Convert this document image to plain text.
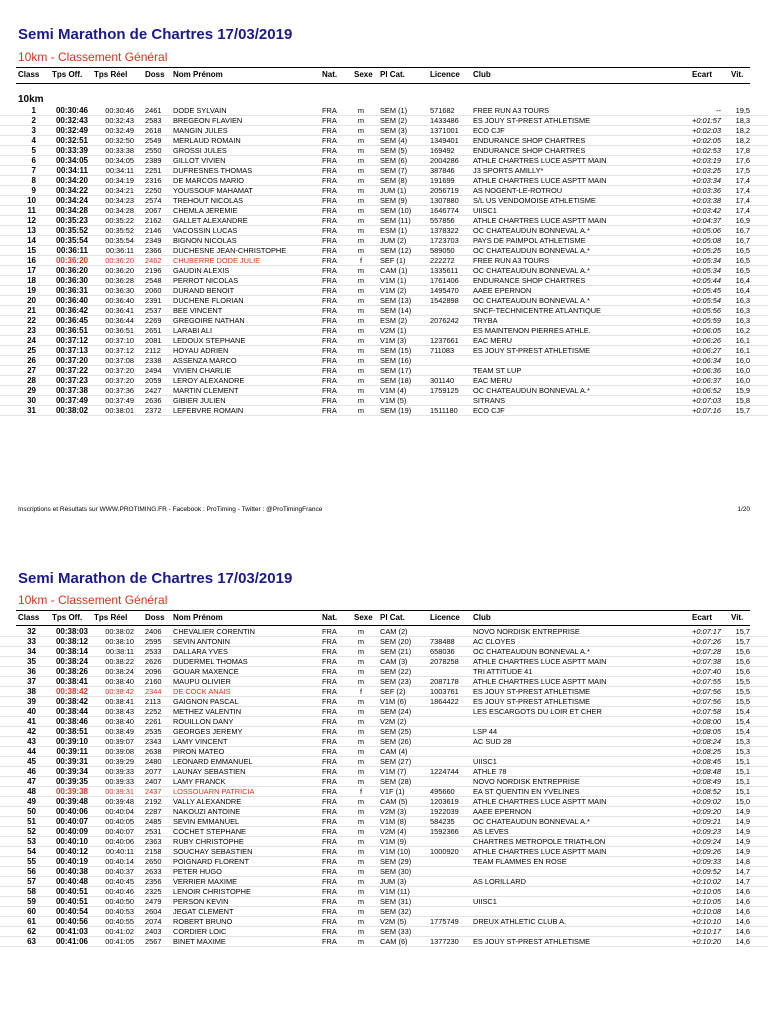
Semi Marathon de Chartres 17/03/2019
10km - Classement Général
Class Tps Off.	Tps Réel	Doss Nom Prénom	Nat. Sexe Pl Cat.	Licence Club	Ecart	Vit.
10km
1	00:30:46	00:30:46 2461	DODE SYLVAIN	FRA	m	SEM (1)	571682 FREE RUN A3 TOURS	--	19,5
2	00:32:43	00:32:43 2583	BREGEON FLAVIEN	FRA	m	SEM (2)	1433486 ES JOUY ST-PREST ATHLETISME	+0:01:57	18,3
3	00:32:49	00:32:49 2618	MANGIN JULES	FRA	m	SEM (3)	1371001 ECO CJF	+0:02:03	18,2
4	00:32:51	00:32:50 2549	MERLAUD ROMAIN	FRA	m	SEM (4)	1349401 ENDURANCE SHOP CHARTRES	+0:02:05	18,2
5	00:33:39	00:33:38 2550	GROSSI JULES	FRA	m	SEM (5)	169492 ENDURANCE SHOP CHARTRES	+0:02:53	17,8
6	00:34:05	00:34:05 2389	GILLOT VIVIEN	FRA	m	SEM (6)	2004286 ATHLE CHARTRES LUCE ASPTT MAIN	+0:03:19	17,6
7	00:34:11	00:34:11 2251	DUFRESNES THOMAS	FRA	m	SEM (7)	387846 J3 SPORTS AMILLY*	+0:03:25	17,5
8	00:34:20	00:34:19 2316	DE MARCOS MARIO	FRA	m	SEM (8)	191699 ATHLE CHARTRES LUCE ASPTT MAIN	+0:03:34	17,4
9	00:34:22	00:34:21 2250	YOUSSOUF MAHAMAT	FRA	m	JUM (1)	2056719 AS NOGENT-LE-ROTROU	+0:03:36	17,4
10	00:34:24	00:34:23 2574	TREHOUT NICOLAS	FRA	m	SEM (9)	1307880 S/L US VENDOMOISE ATHLETISME	+0:03:38	17,4
11	00:34:28	00:34:28 2067	CHEMLA JEREMIE	FRA	m	SEM (10)	1646774 UIISC1	+0:03:42	17,4
12	00:35:23	00:35:22 2162	GALLET ALEXANDRE	FRA	m	SEM (11)	557856 ATHLE CHARTRES LUCE ASPTT MAIN	+0:04:37	16,9
13	00:35:52	00:35:52 2146	VACOSSIN LUCAS	FRA	m	ESM (1)	1378322 OC CHATEAUDUN BONNEVAL A.*	+0:05:06	16,7
14	00:35:54	00:35:54 2349	BIGNON NICOLAS	FRA	m	JUM (2)	1723703 PAYS DE PAIMPOL ATHLETISME	+0:05:08	16,7
15	00:36:11	00:36:11 2366	DUCHESNE JEAN-CHRISTOPHE	FRA	m	SEM (12)	589050 OC CHATEAUDUN BONNEVAL A.*	+0:05:25	16,5
16	00:36:20	00:36:20 2462	CHUBERRE DODE JULIE	FRA	f	SEF (1)	222272 FREE RUN A3 TOURS	+0:05:34	16,5
17	00:36:20	00:36:20 2196	GAUDIN ALEXIS	FRA	m	CAM (1)	1335611 OC CHATEAUDUN BONNEVAL A.*	+0:05:34	16,5
18	00:36:30	00:36:28 2548	PERROT NICOLAS	FRA	m	V1M (1)	1761406 ENDURANCE SHOP CHARTRES	+0:05:44	16,4
19	00:36:31	00:36:30 2060	DURAND BENOIT	FRA	m	V1M (2)	1495470 AAEE EPERNON	+0:05:45	16,4
20	00:36:40	00:36:40 2391	DUCHENE FLORIAN	FRA	m	SEM (13)	1542898 OC CHATEAUDUN BONNEVAL A.*	+0:05:54	16,3
21	00:36:42	00:36:41 2537	BEE VINCENT	FRA	m	SEM (14)	SNCF-TECHNICENTRE ATLANTIQUE	+0:05:56	16,3
22	00:36:45	00:36:44 2269	GREGOIRE NATHAN	FRA	m	ESM (2)	2076242 TRYBA	+0:05:59	16,3
23	00:36:51	00:36:51 2651	LARABI ALI	FRA	m	V2M (1)	ES MAINTENON PIERRES ATHLE.	+0:06:05	16,2
24	00:37:12	00:37:10 2081	LEDOUX STEPHANE	FRA	m	V1M (3)	1237661 EAC MERU	+0:06:26	16,1
25	00:37:13	00:37:12 2112	HOYAU ADRIEN	FRA	m	SEM (15)	711083	ES JOUY ST-PREST ATHLETISME	+0:06:27	16,1
26	00:37:20	00:37:08 2338	ASSENZA MARCO	FRA	m	SEM (16)	+0:06:34	16,0
27	00:37:22	00:37:20 2494	VIVIEN CHARLIE	FRA	m	SEM (17)	TEAM ST LUP	+0:06:36	16,0
28	00:37:23	00:37:20 2059	LEROY ALEXANDRE	FRA	m	SEM (18)	301140	EAC MERU	+0:06:37	16,0
29	00:37:38	00:37:36 2427	MARTIN CLEMENT	FRA	m	V1M (4)	1759125 OC CHATEAUDUN BONNEVAL A.*	+0:06:52	15,9
30	00:37:49	00:37:49 2636	GIBIER JULIEN	FRA	m	V1M (5)	SITRANS	+0:07:03	15,8
31	00:38:02	00:38:01 2372	LEFEBVRE ROMAIN	FRA	m	SEM (19)	1511180 ECO CJF	+0:07:16	15,7
Inscriptions et Résultats sur WWW.PROTIMING.FR - Facebook : ProTiming - Twitter : @ProTimingFrance	1/20
Semi Marathon de Chartres 17/03/2019
10km - Classement Général
Class Tps Off.	Tps Réel	Doss Nom Prénom	Nat. Sexe Pl Cat.	Licence Club	Ecart	Vit.
32	00:38:03	00:38:02 2406	CHEVALIER CORENTIN	FRA	m	CAM (2)	NOVO NORDISK ENTREPRISE	+0:07:17	15,7
33	00:38:12	00:38:10 2595	SEVIN ANTONIN	FRA	m	SEM (20)	738488 AC CLOYES	+0:07:26	15,7
34	00:38:14	00:38:11 2533	DALLARA YVES	FRA	m	SEM (21)	658036 OC CHATEAUDUN BONNEVAL A.*	+0:07:28	15,6
35	00:38:24	00:38:22 2626	DUDERMEL THOMAS	FRA	m	CAM (3)	2078258 ATHLE CHARTRES LUCE ASPTT MAIN	+0:07:38	15,6
36	00:38:26	00:38:24 2096	GOUAR MAXENCE	FRA	m	SEM (22)	TRI ATTITUDE 41	+0:07:40	15,6
37	00:38:41	00:38:40 2160	MAUPU OLIVIER	FRA	m	SEM (23)	2087178 ATHLE CHARTRES LUCE ASPTT MAIN	+0:07:55	15,5
38	00:38:42	00:38:42 2344	DE COCK ANAIS	FRA	f	SEF (2)	1003761 ES JOUY ST-PREST ATHLETISME	+0:07:56	15,5
39	00:38:42	00:38:41 2113	GAIGNON PASCAL	FRA	m	V1M (6)	1864422 ES JOUY ST-PREST ATHLETISME	+0:07:56	15,5
40	00:38:44	00:38:43 2252	METHEZ VALENTIN	FRA	m	SEM (24)	LES ESCARGOTS DU LOIR ET CHER	+0:07:58	15,4
41	00:38:46	00:38:40 2261	ROUILLON DANY	FRA	m	V2M (2)	+0:08:00	15,4
42	00:38:51	00:38:49 2535	GEORGES JEREMY	FRA	m	SEM (25)	LSP 44	+0:08:05	15,4
43	00:39:10	00:39:07 2343	LAMY VINCENT	FRA	m	SEM (26)	AC SUD 28	+0:08:24	15,3
44	00:39:11	00:39:08 2638	PIRON MATEO	FRA	m	CAM (4)	+0:08:25	15,3
45	00:39:31	00:39:29 2480	LEONARD EMMANUEL	FRA	m	SEM (27)	UIISC1	+0:08:45	15,1
46	00:39:34	00:39:33 2077	LAUNAY SEBASTIEN	FRA	m	V1M (7)	1224744 ATHLE 78	+0:08:48	15,1
47	00:39:35	00:39:33 2407	LAMY FRANCK	FRA	m	SEM (28)	NOVO NORDISK ENTREPRISE	+0:08:49	15,1
48	00:39:38	00:39:31 2437	LOSSOUARN PATRICIA	FRA	f	V1F (1)	495660 EA ST QUENTIN EN YVELINES	+0:08:52	15,1
49	00:39:48	00:39:48 2192	VALLY ALEXANDRE	FRA	m	CAM (5)	1203619 ATHLE CHARTRES LUCE ASPTT MAIN	+0:09:02	15,0
50	00:40:06	00:40:04 2287	NAKOUZI ANTOINE	FRA	m	V2M (3)	1922039 AAEE EPERNON	+0:09:20	14,9
51	00:40:07	00:40:05 2485	SEVIN EMMANUEL	FRA	m	V1M (8)	584235 OC CHATEAUDUN BONNEVAL A.*	+0:09:21	14,9
52	00:40:09	00:40:07 2531	COCHET STEPHANE	FRA	m	V2M (4)	1592366 AS LEVES	+0:09:23	14,9
53	00:40:10	00:40:06 2363	RUBY CHRISTOPHE	FRA	m	V1M (9)	CHARTRES METROPOLE TRIATHLON	+0:09:24	14,9
54	00:40:12	00:40:11 2158	SOUCHAY SEBASTIEN	FRA	m	V1M (10)	1000920 ATHLE CHARTRES LUCE ASPTT MAIN	+0:09:26	14,9
55	00:40:19	00:40:14 2650	POIGNARD FLORENT	FRA	m	SEM (29)	TEAM FLAMMES EN ROSE	+0:09:33	14,8
56	00:40:38	00:40:37 2633	PETER HUGO	FRA	m	SEM (30)	+0:09:52	14,7
57	00:40:48	00:40:45 2356	VERRIER MAXIME	FRA	m	JUM (3)	AS LORILLARD	+0:10:02	14,7
58	00:40:51	00:40:46 2325	LENOIR CHRISTOPHE	FRA	m	V1M (11)	+0:10:05	14,6
59	00:40:51	00:40:50 2479	PERSON KEVIN	FRA	m	SEM (31)	UIISC1	+0:10:05	14,6
60	00:40:54	00:40:53 2604	JEGAT CLEMENT	FRA	m	SEM (32)	+0:10:08	14,6
61	00:40:56	00:40:55 2074	ROBERT BRUNO	FRA	m	V2M (5)	1775749 DREUX ATHLETIC CLUB A.	+0:10:10	14,6
62	00:41:03	00:41:02 2403	CORDIER LOIC	FRA	m	SEM (33)	+0:10:17	14,6
63	00:41:06	00:41:05 2567	BINET MAXIME	FRA	m	CAM (6)	1377230 ES JOUY ST-PREST ATHLETISME	+0:10:20	14,6
